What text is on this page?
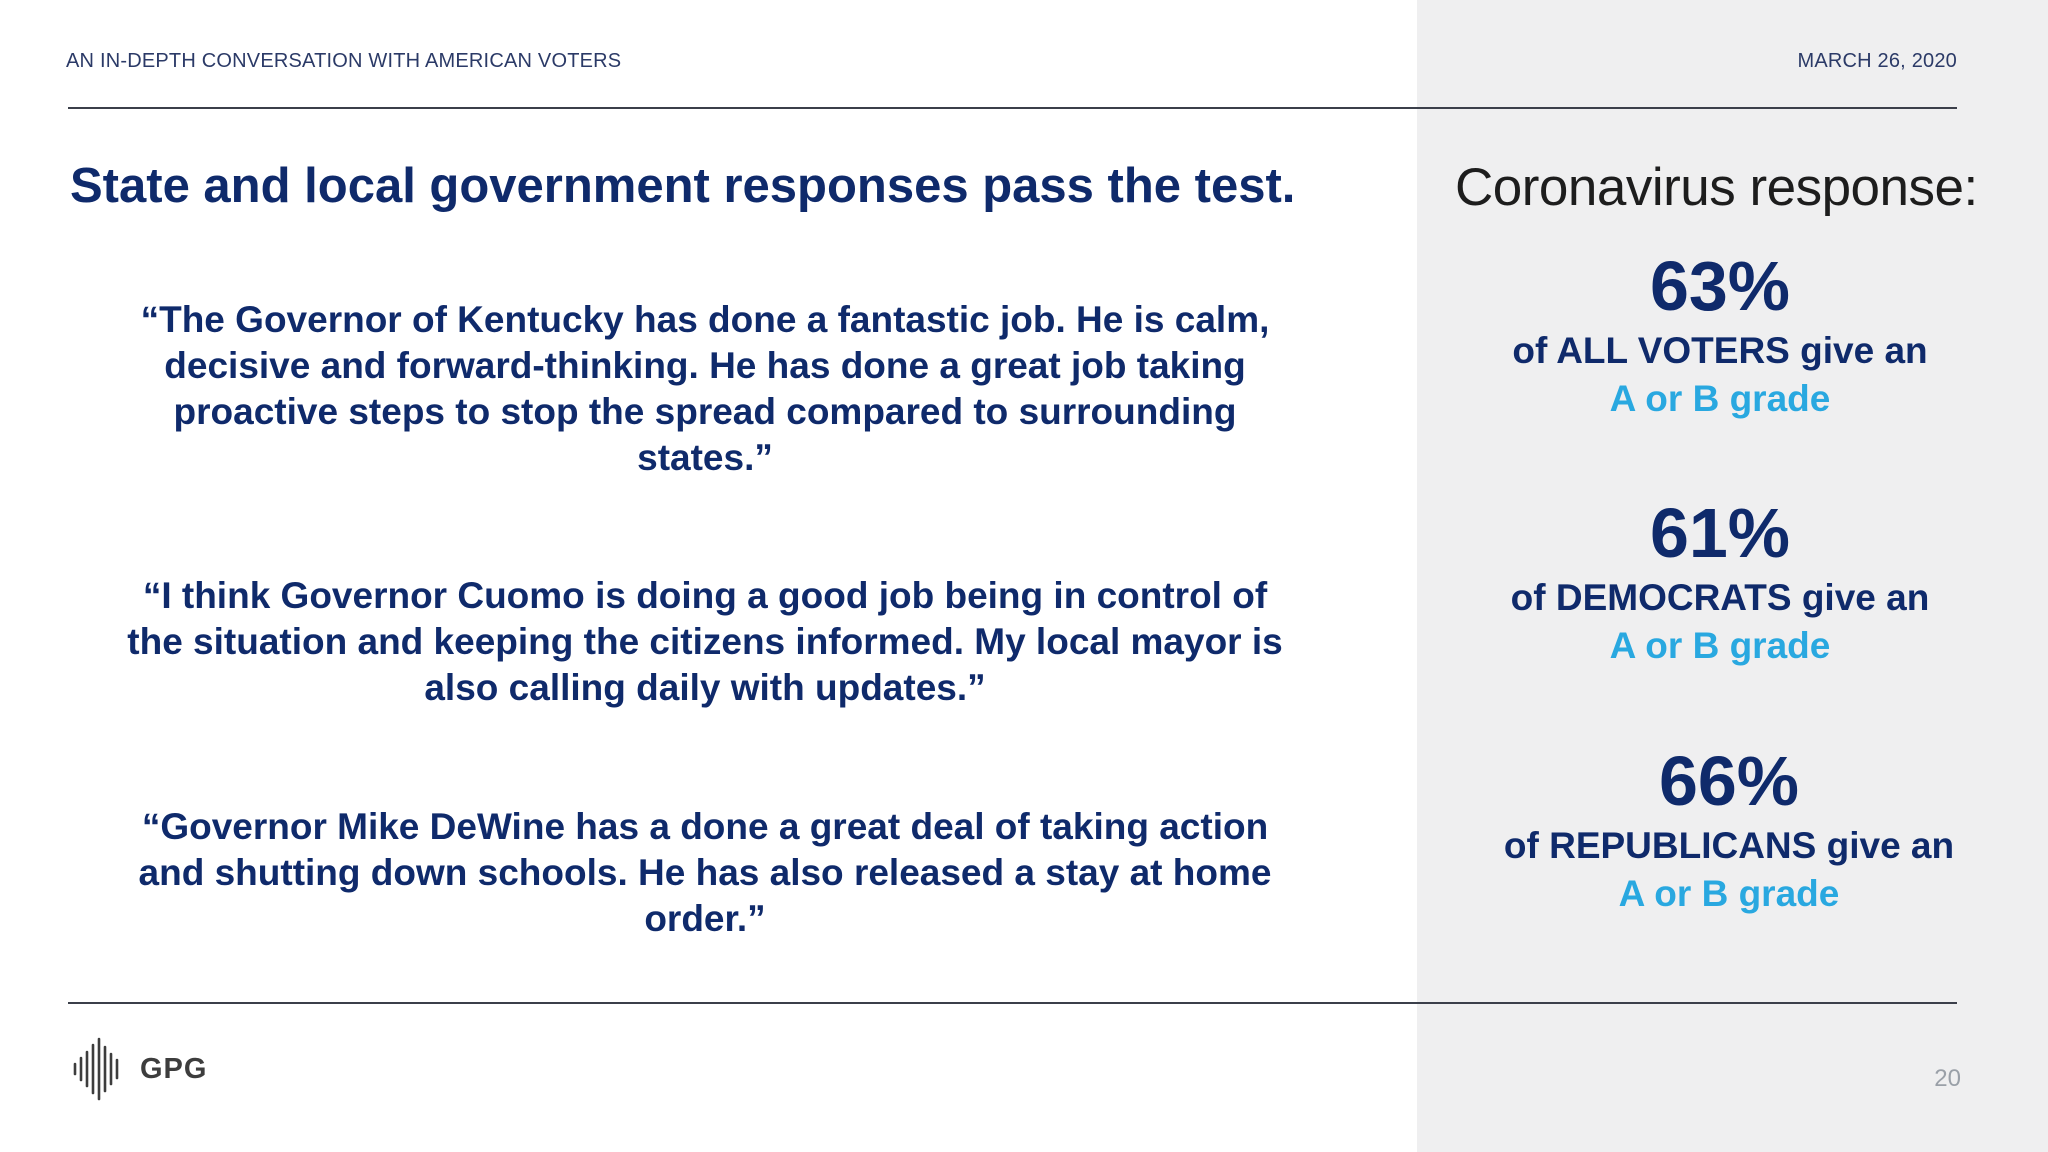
AN IN-DEPTH CONVERSATION WITH AMERICAN VOTERS	MARCH 26, 2020
State and local government responses pass the test.
“The Governor of Kentucky has done a fantastic job. He is calm, decisive and forward-thinking. He has done a great job taking proactive steps to stop the spread compared to surrounding states.”
“I think Governor Cuomo is doing a good job being in control of the situation and keeping the citizens informed. My local mayor is also calling daily with updates.”
“Governor Mike DeWine has a done a great deal of taking action and shutting down schools. He has also released a stay at home order.”
Coronavirus response:
63%
of ALL VOTERS give an
A or B grade
61%
of DEMOCRATS give an
A or B grade
66%
of REPUBLICANS give an
A or B grade
GPG	20
